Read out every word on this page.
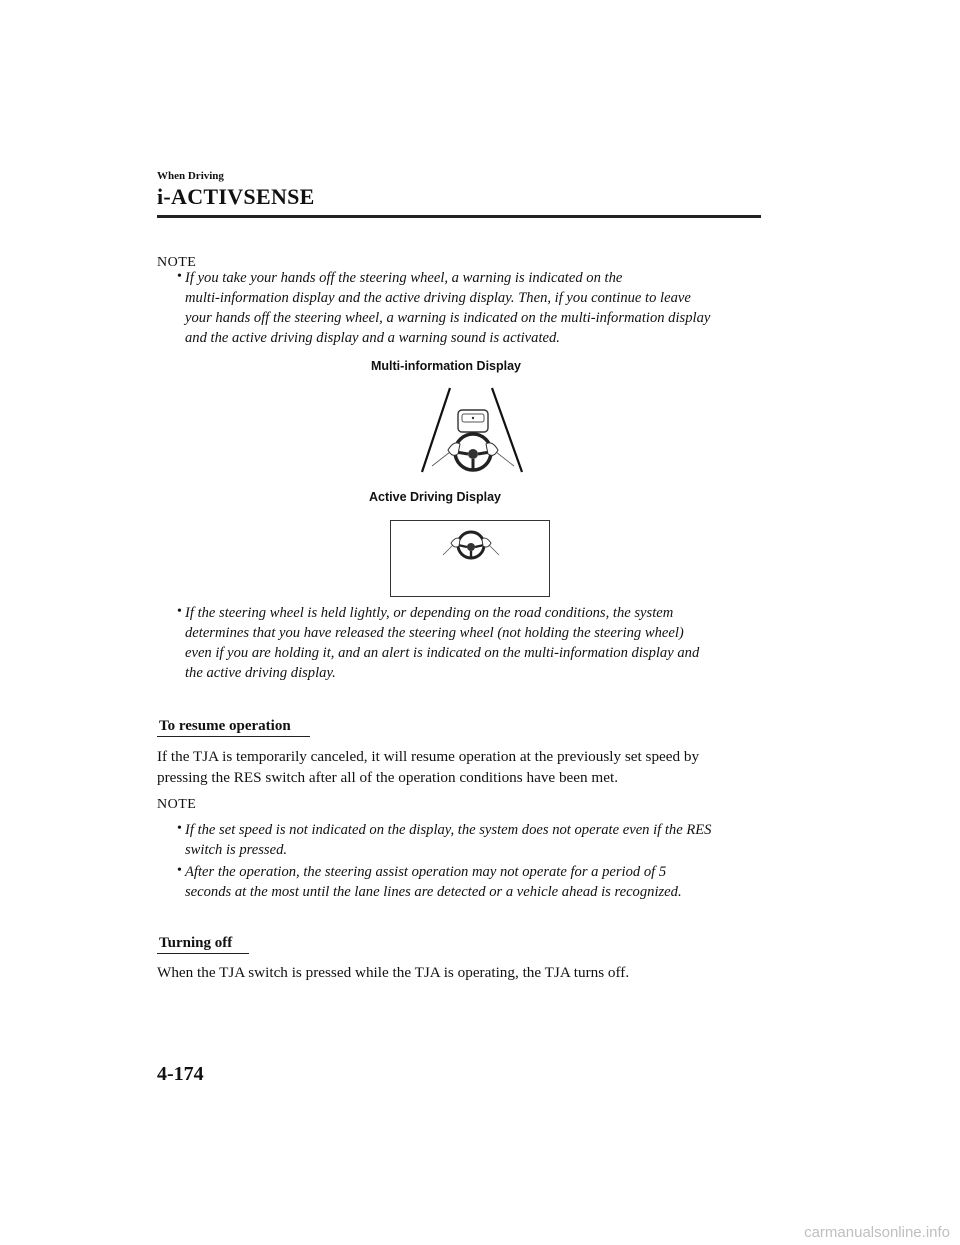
When Driving
i-ACTIVSENSE
NOTE
• If you take your hands off the steering wheel, a warning is indicated on the
multi-information display and the active driving display. Then, if you continue to leave
your hands off the steering wheel, a warning is indicated on the multi-information display
and the active driving display and a warning sound is activated.
Multi-information Display
Active Driving Display
• If the steering wheel is held lightly, or depending on the road conditions, the system
determines that you have released the steering wheel (not holding the steering wheel)
even if you are holding it, and an alert is indicated on the multi-information display and
the active driving display.
To resume operation
If the TJA is temporarily canceled, it will resume operation at the previously set speed by
pressing the RES switch after all of the operation conditions have been met.
NOTE
• If the set speed is not indicated on the display, the system does not operate even if the RES
switch is pressed.
• After the operation, the steering assist operation may not operate for a period of 5
seconds at the most until the lane lines are detected or a vehicle ahead is recognized.
Turning off
When the TJA switch is pressed while the TJA is operating, the TJA turns off.
4-174
carmanualsonline.info
